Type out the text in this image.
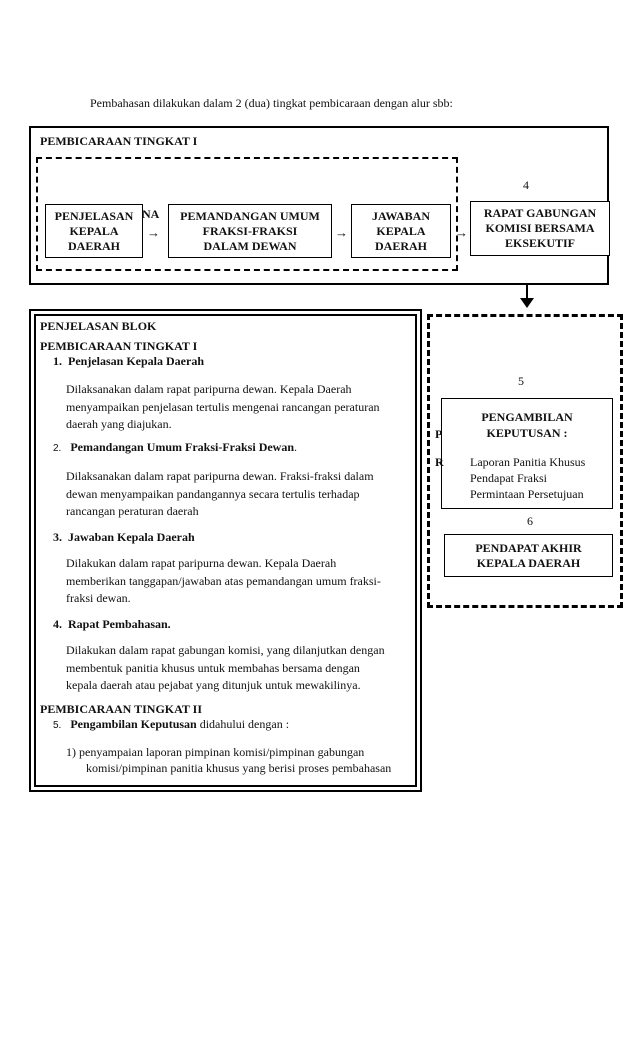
Pembahasan dilakukan dalam 2 (dua) tingkat pembicaraan dengan alur sbb:
PEMBICARAAN TINGKAT I
PENJELASAN
KEPALA
DAERAH
NA
→
PEMANDANGAN UMUM
FRAKSI-FRAKSI
DALAM DEWAN
→
JAWABAN
KEPALA
DAERAH
→
4
RAPAT GABUNGAN
KOMISI BERSAMA
EKSEKUTIF
PENJELASAN BLOK
PEMBICARAAN TINGKAT I
1. Penjelasan Kepala Daerah
Dilaksanakan dalam rapat paripurna dewan. Kepala Daerah
menyampaikan penjelasan tertulis mengenai rancangan peraturan
daerah yang diajukan.
2. Pemandangan Umum Fraksi-Fraksi Dewan.
Dilaksanakan dalam rapat paripurna dewan. Fraksi-fraksi dalam
dewan menyampaikan pandangannya secara tertulis terhadap
rancangan peraturan daerah
3. Jawaban Kepala Daerah
Dilakukan dalam rapat paripurna dewan. Kepala Daerah
memberikan tanggapan/jawaban atas pemandangan umum fraksi-
fraksi dewan.
4. Rapat Pembahasan.
Dilakukan dalam rapat gabungan komisi, yang dilanjutkan dengan
membentuk panitia khusus untuk membahas bersama dengan
kepala daerah atau pejabat yang ditunjuk untuk mewakilinya.
PEMBICARAAN TINGKAT II
5. Pengambilan Keputusan didahului dengan :
1) penyampaian laporan pimpinan komisi/pimpinan gabungan
komisi/pimpinan panitia khusus yang berisi proses pembahasan
5
P
R
PENGAMBILAN
KEPUTUSAN :
Laporan Panitia Khusus
Pendapat Fraksi
Permintaan Persetujuan
6
PENDAPAT AKHIR
KEPALA DAERAH
